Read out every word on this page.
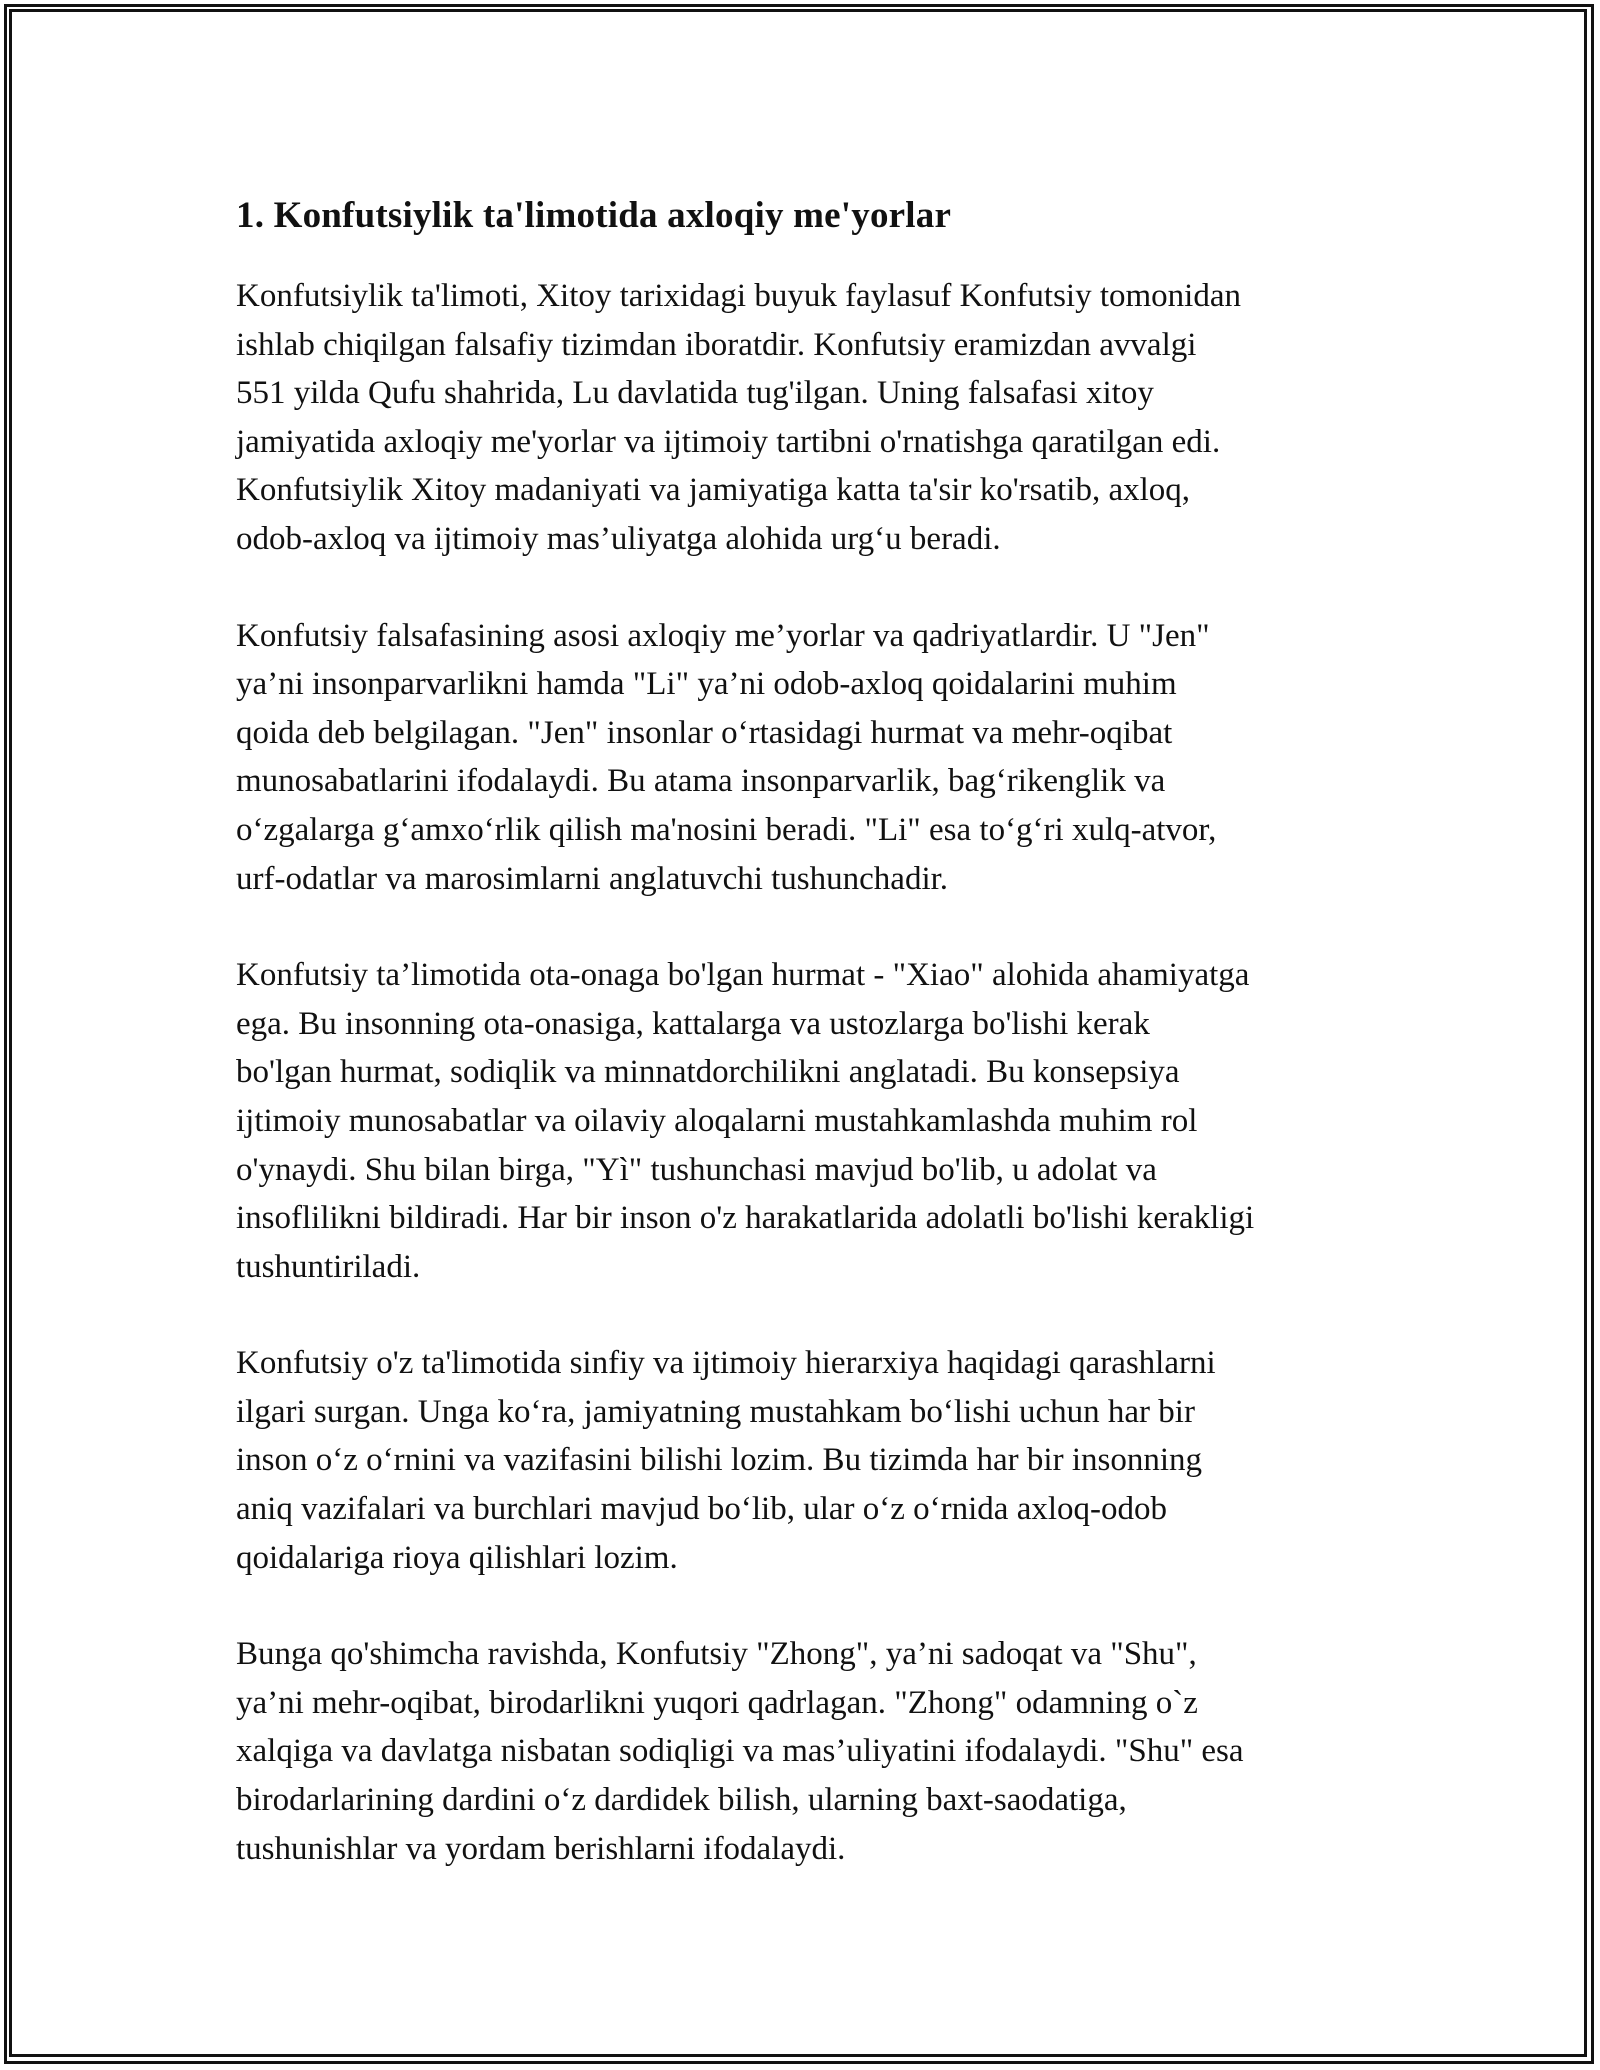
1. Konfutsiylik ta'limotida axloqiy me'yorlar

Konfutsiylik ta'limoti, Xitoy tarixidagi buyuk faylasuf Konfutsiy tomonidan
ishlab chiqilgan falsafiy tizimdan iboratdir. Konfutsiy eramizdan avvalgi
551 yilda Qufu shahrida, Lu davlatida tug'ilgan. Uning falsafasi xitoy
jamiyatida axloqiy me'yorlar va ijtimoiy tartibni o'rnatishga qaratilgan edi.
Konfutsiylik Xitoy madaniyati va jamiyatiga katta ta'sir ko'rsatib, axloq,
odob-axloq va ijtimoiy mas’uliyatga alohida urg‘u beradi.

Konfutsiy falsafasining asosi axloqiy me’yorlar va qadriyatlardir. U "Jen"
ya’ni insonparvarlikni hamda "Li" ya’ni odob-axloq qoidalarini muhim
qoida deb belgilagan. "Jen" insonlar o‘rtasidagi hurmat va mehr-oqibat
munosabatlarini ifodalaydi. Bu atama insonparvarlik, bag‘rikenglik va
o‘zgalarga g‘amxo‘rlik qilish ma'nosini beradi. "Li" esa to‘g‘ri xulq-atvor,
urf-odatlar va marosimlarni anglatuvchi tushunchadir.

Konfutsiy ta’limotida ota-onaga bo'lgan hurmat - "Xiao" alohida ahamiyatga
ega. Bu insonning ota-onasiga, kattalarga va ustozlarga bo'lishi kerak
bo'lgan hurmat, sodiqlik va minnatdorchilikni anglatadi. Bu konsepsiya
ijtimoiy munosabatlar va oilaviy aloqalarni mustahkamlashda muhim rol
o'ynaydi. Shu bilan birga, "Yì" tushunchasi mavjud bo'lib, u adolat va
insoflilikni bildiradi. Har bir inson o'z harakatlarida adolatli bo'lishi kerakligi
tushuntiriladi.

Konfutsiy o'z ta'limotida sinfiy va ijtimoiy hierarxiya haqidagi qarashlarni
ilgari surgan. Unga ko‘ra, jamiyatning mustahkam bo‘lishi uchun har bir
inson o‘z o‘rnini va vazifasini bilishi lozim. Bu tizimda har bir insonning
aniq vazifalari va burchlari mavjud bo‘lib, ular o‘z o‘rnida axloq-odob
qoidalariga rioya qilishlari lozim.

Bunga qo'shimcha ravishda, Konfutsiy "Zhong", ya’ni sadoqat va "Shu",
ya’ni mehr-oqibat, birodarlikni yuqori qadrlagan. "Zhong" odamning o`z
xalqiga va davlatga nisbatan sodiqligi va mas’uliyatini ifodalaydi. "Shu" esa
birodarlarining dardini o‘z dardidek bilish, ularning baxt-saodatiga,
tushunishlar va yordam berishlarni ifodalaydi.
